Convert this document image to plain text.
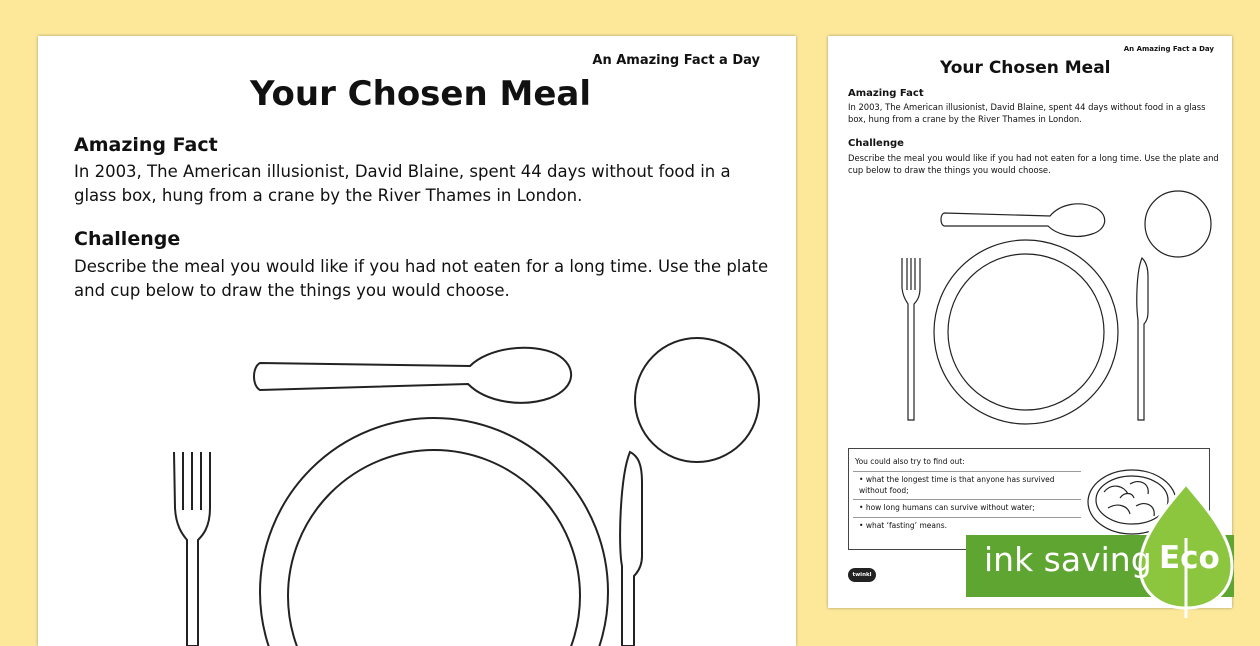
An Amazing Fact a Day
Your Chosen Meal
Amazing Fact
In 2003, The American illusionist, David Blaine, spent 44 days without food in a glass box, hung from a crane by the River Thames in London.
Challenge
Describe the meal you would like if you had not eaten for a long time. Use the plate and cup below to draw the things you would choose.
An Amazing Fact a Day
Your Chosen Meal
Amazing Fact
In 2003, The American illusionist, David Blaine, spent 44 days without food in a glass box, hung from a crane by the River Thames in London.
Challenge
Describe the meal you would like if you had not eaten for a long time. Use the plate and cup below to draw the things you would choose.
You could also try to find out:
• what the longest time is that anyone has survived without food;
• how long humans can survive without water;
• what ‘fasting’ means.
twinkl	ink saving Eco
